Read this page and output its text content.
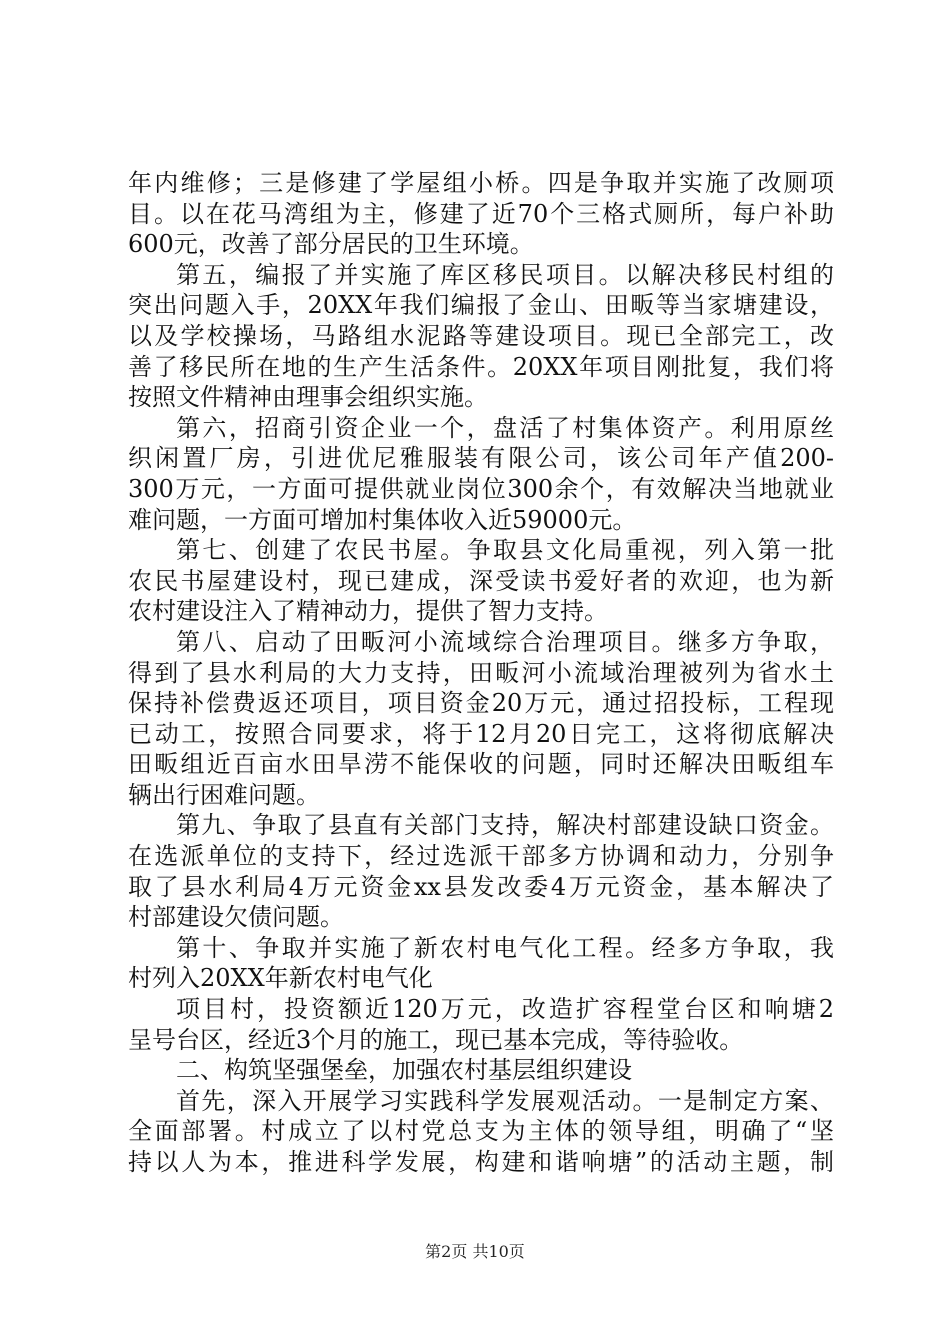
年内维修；三是修建了学屋组小桥。四是争取并实施了改厕项
目。以在花马湾组为主，修建了近70个三格式厕所，每户补助
600元，改善了部分居民的卫生环境。
第五，编报了并实施了库区移民项目。以解决移民村组的
突出问题入手，20XX年我们编报了金山、田畈等当家塘建设，
以及学校操场，马路组水泥路等建设项目。现已全部完工，改
善了移民所在地的生产生活条件。20XX年项目刚批复，我们将
按照文件精神由理事会组织实施。
第六，招商引资企业一个，盘活了村集体资产。利用原丝
织闲置厂房，引进优尼雅服装有限公司，该公司年产值200-
300万元，一方面可提供就业岗位300余个，有效解决当地就业
难问题，一方面可增加村集体收入近59000元。
第七、创建了农民书屋。争取县文化局重视，列入第一批
农民书屋建设村，现已建成，深受读书爱好者的欢迎，也为新
农村建设注入了精神动力，提供了智力支持。
第八、启动了田畈河小流域综合治理项目。继多方争取，
得到了县水利局的大力支持，田畈河小流域治理被列为省水土
保持补偿费返还项目，项目资金20万元，通过招投标，工程现
已动工，按照合同要求，将于12月20日完工，这将彻底解决
田畈组近百亩水田旱涝不能保收的问题，同时还解决田畈组车
辆出行困难问题。
第九、争取了县直有关部门支持，解决村部建设缺口资金。
在选派单位的支持下，经过选派干部多方协调和动力，分别争
取了县水利局4万元资金xx县发改委4万元资金，基本解决了
村部建设欠债问题。
第十、争取并实施了新农村电气化工程。经多方争取，我
村列入20XX年新农村电气化
项目村，投资额近120万元，改造扩容程堂台区和响塘2
呈号台区，经近3个月的施工，现已基本完成，等待验收。
二、构筑坚强堡垒，加强农村基层组织建设
首先，深入开展学习实践科学发展观活动。一是制定方案、
全面部署。村成立了以村党总支为主体的领导组，明确了“坚
持以人为本，推进科学发展，构建和谐响塘”的活动主题，制
第2页 共10页
